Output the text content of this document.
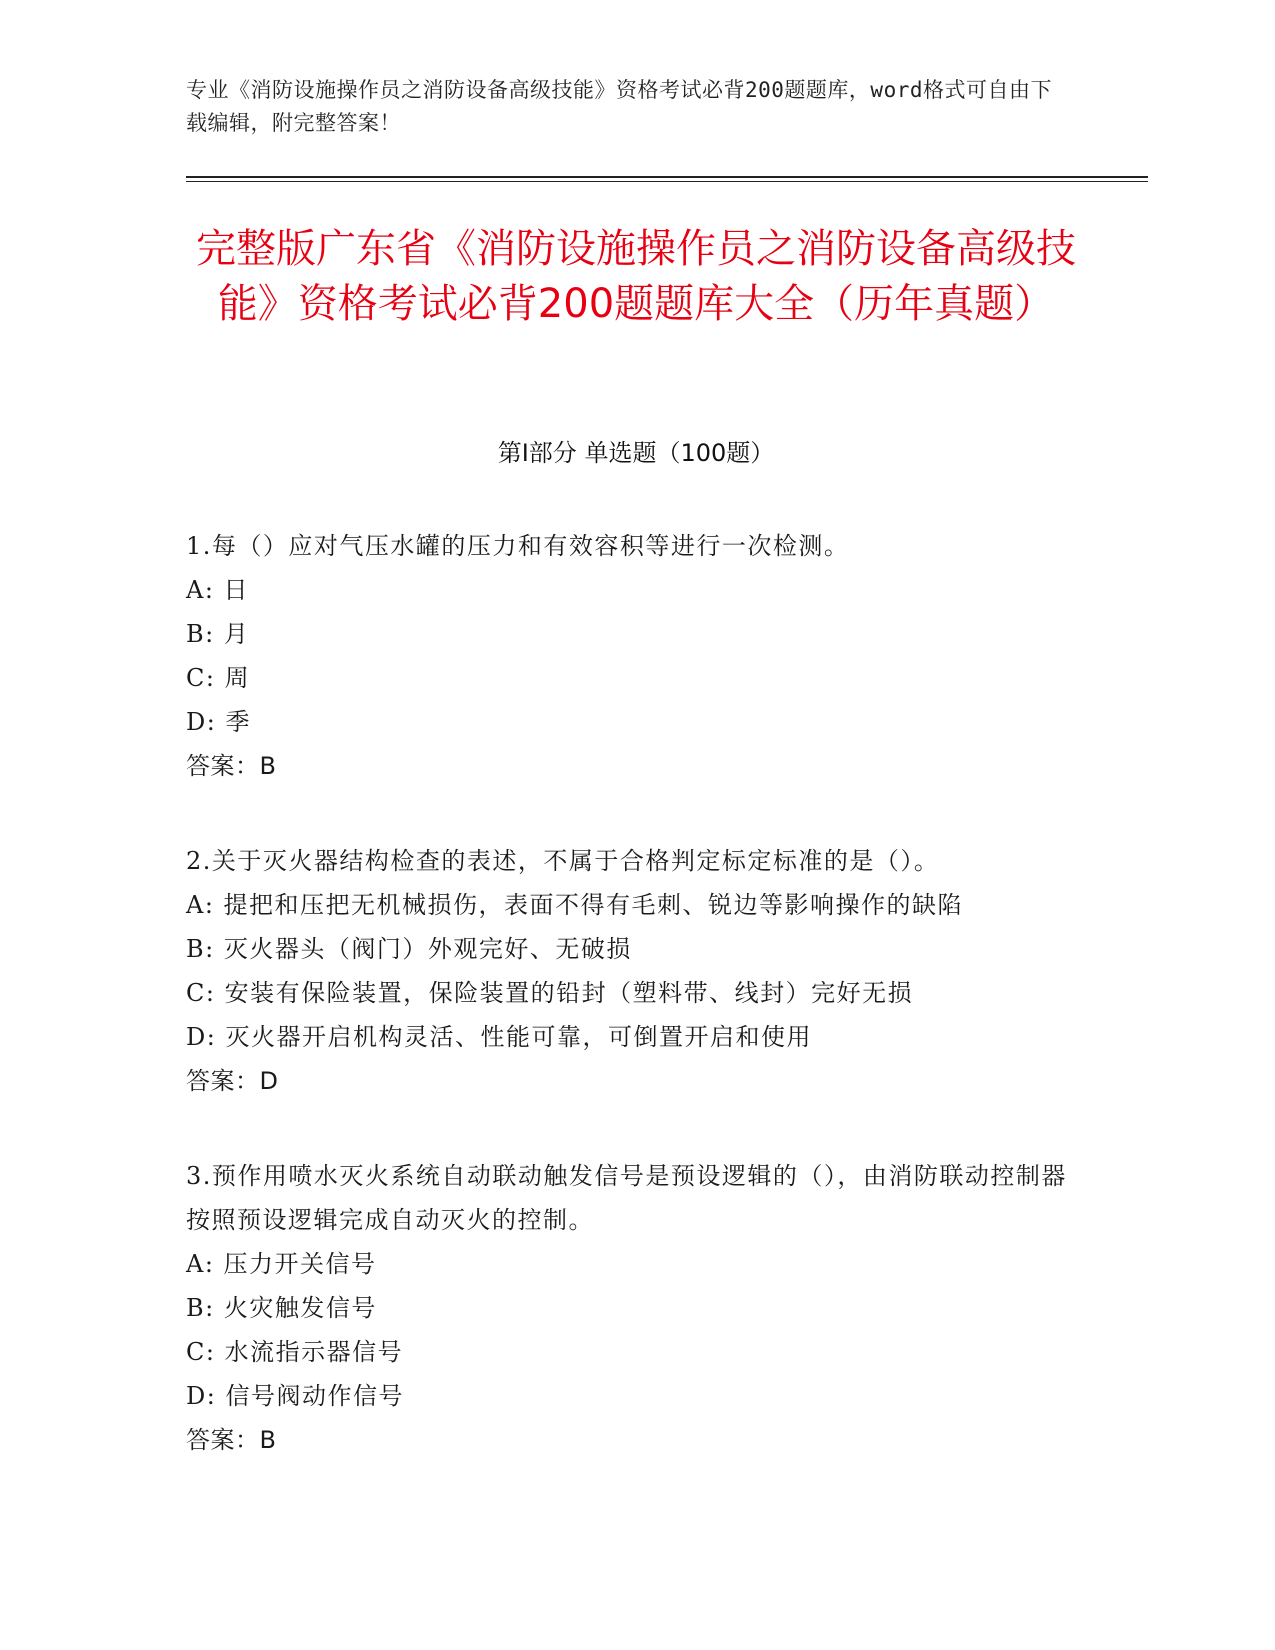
专业《消防设施操作员之消防设备高级技能》资格考试必背200题题库，word格式可自由下载编辑，附完整答案！
完整版广东省《消防设施操作员之消防设备高级技能》资格考试必背200题题库大全（历年真题）
第I部分 单选题（100题）

1.每（）应对气压水罐的压力和有效容积等进行一次检测。

A: 日

B: 月

C: 周

D: 季

答案：B

2.关于灭火器结构检查的表述，不属于合格判定标定标准的是（）。

A: 提把和压把无机械损伤，表面不得有毛刺、锐边等影响操作的缺陷

B: 灭火器头（阀门）外观完好、无破损

C: 安装有保险装置，保险装置的铅封（塑料带、线封）完好无损

D: 灭火器开启机构灵活、性能可靠，可倒置开启和使用

答案：D

3.预作用喷水灭火系统自动联动触发信号是预设逻辑的（），由消防联动控制器按照预设逻辑完成自动灭火的控制。

A: 压力开关信号

B: 火灾触发信号

C: 水流指示器信号

D: 信号阀动作信号

答案：B
